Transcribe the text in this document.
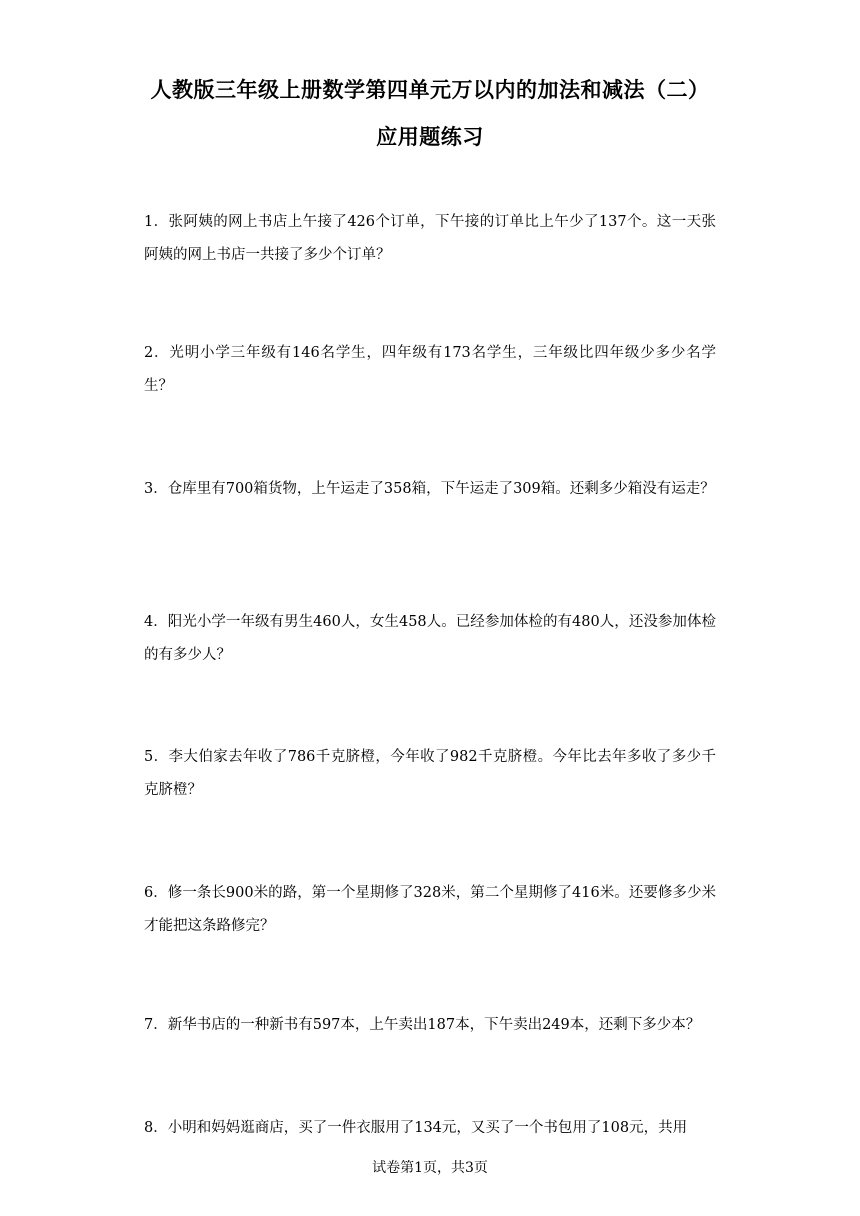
人教版三年级上册数学第四单元万以内的加法和减法（二）
应用题练习
1．张阿姨的网上书店上午接了426个订单，下午接的订单比上午少了137个。这一天张阿姨的网上书店一共接了多少个订单？
2．光明小学三年级有146名学生，四年级有173名学生，三年级比四年级少多少名学生？
3．仓库里有700箱货物，上午运走了358箱，下午运走了309箱。还剩多少箱没有运走？
4．阳光小学一年级有男生460人，女生458人。已经参加体检的有480人，还没参加体检的有多少人？
5．李大伯家去年收了786千克脐橙，今年收了982千克脐橙。今年比去年多收了多少千克脐橙？
6．修一条长900米的路，第一个星期修了328米，第二个星期修了416米。还要修多少米才能把这条路修完？
7．新华书店的一种新书有597本，上午卖出187本，下午卖出249本，还剩下多少本？
8．小明和妈妈逛商店，买了一件衣服用了134元，又买了一个书包用了108元，共用
试卷第1页，共3页
